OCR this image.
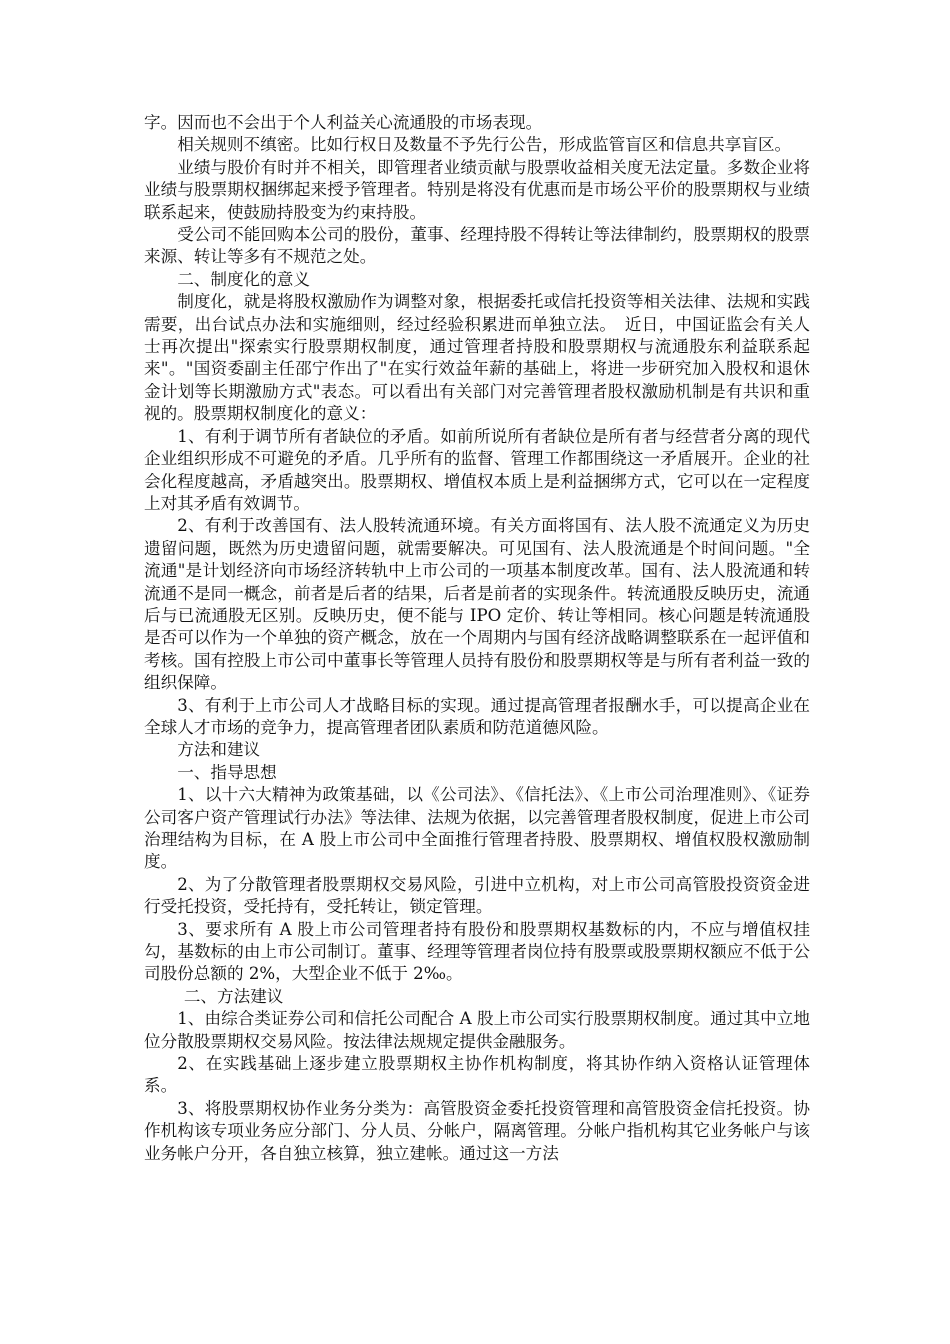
字。因而也不会出于个人利益关心流通股的市场表现。

相关规则不缜密。比如行权日及数量不予先行公告，形成监管盲区和信息共享盲区。

业绩与股价有时并不相关，即管理者业绩贡献与股票收益相关度无法定量。多数企业将业绩与股票期权捆绑起来授予管理者。特别是将没有优惠而是市场公平价的股票期权与业绩联系起来，使鼓励持股变为约束持股。

受公司不能回购本公司的股份，董事、经理持股不得转让等法律制约，股票期权的股票来源、转让等多有不规范之处。

二、制度化的意义

制度化，就是将股权激励作为调整对象，根据委托或信托投资等相关法律、法规和实践需要，出台试点办法和实施细则，经过经验积累进而单独立法。　近日，中国证监会有关人士再次提出"探索实行股票期权制度，通过管理者持股和股票期权与流通股东利益联系起来"。"国资委副主任邵宁作出了"在实行效益年薪的基础上，将进一步研究加入股权和退休金计划等长期激励方式"表态。可以看出有关部门对完善管理者股权激励机制是有共识和重视的。股票期权制度化的意义：

1、有利于调节所有者缺位的矛盾。如前所说所有者缺位是所有者与经营者分离的现代企业组织形成不可避免的矛盾。几乎所有的监督、管理工作都围绕这一矛盾展开。企业的社会化程度越高，矛盾越突出。股票期权、增值权本质上是利益捆绑方式，它可以在一定程度上对其矛盾有效调节。

2、有利于改善国有、法人股转流通环境。有关方面将国有、法人股不流通定义为历史遗留问题，既然为历史遗留问题，就需要解决。可见国有、法人股流通是个时间问题。"全流通"是计划经济向市场经济转轨中上市公司的一项基本制度改革。国有、法人股流通和转流通不是同一概念，前者是后者的结果，后者是前者的实现条件。转流通股反映历史，流通后与已流通股无区别。反映历史，便不能与 IPO 定价、转让等相同。核心问题是转流通股是否可以作为一个单独的资产概念，放在一个周期内与国有经济战略调整联系在一起评值和考核。国有控股上市公司中董事长等管理人员持有股份和股票期权等是与所有者利益一致的组织保障。

3、有利于上市公司人才战略目标的实现。通过提高管理者报酬水手，可以提高企业在全球人才市场的竞争力，提高管理者团队素质和防范道德风险。

方法和建议

一、指导思想

1、以十六大精神为政策基础，以《公司法》、《信托法》、《上市公司治理准则》、《证券公司客户资产管理试行办法》等法律、法规为依据，以完善管理者股权制度，促进上市公司治理结构为目标，在 A 股上市公司中全面推行管理者持股、股票期权、增值权股权激励制度。

2、为了分散管理者股票期权交易风险，引进中立机构，对上市公司高管股投资资金进行受托投资，受托持有，受托转让，锁定管理。

3、要求所有 A 股上市公司管理者持有股份和股票期权基数标的内，不应与增值权挂勾，基数标的由上市公司制订。董事、经理等管理者岗位持有股票或股票期权额应不低于公司股份总额的 2%，大型企业不低于 2‰。

二、方法建议

1、由综合类证券公司和信托公司配合 A 股上市公司实行股票期权制度。通过其中立地位分散股票期权交易风险。按法律法规规定提供金融服务。

2、在实践基础上逐步建立股票期权主协作机构制度，将其协作纳入资格认证管理体系。

3、将股票期权协作业务分类为：高管股资金委托投资管理和高管股资金信托投资。协作机构该专项业务应分部门、分人员、分帐户，隔离管理。分帐户指机构其它业务帐户与该业务帐户分开，各自独立核算，独立建帐。通过这一方法
